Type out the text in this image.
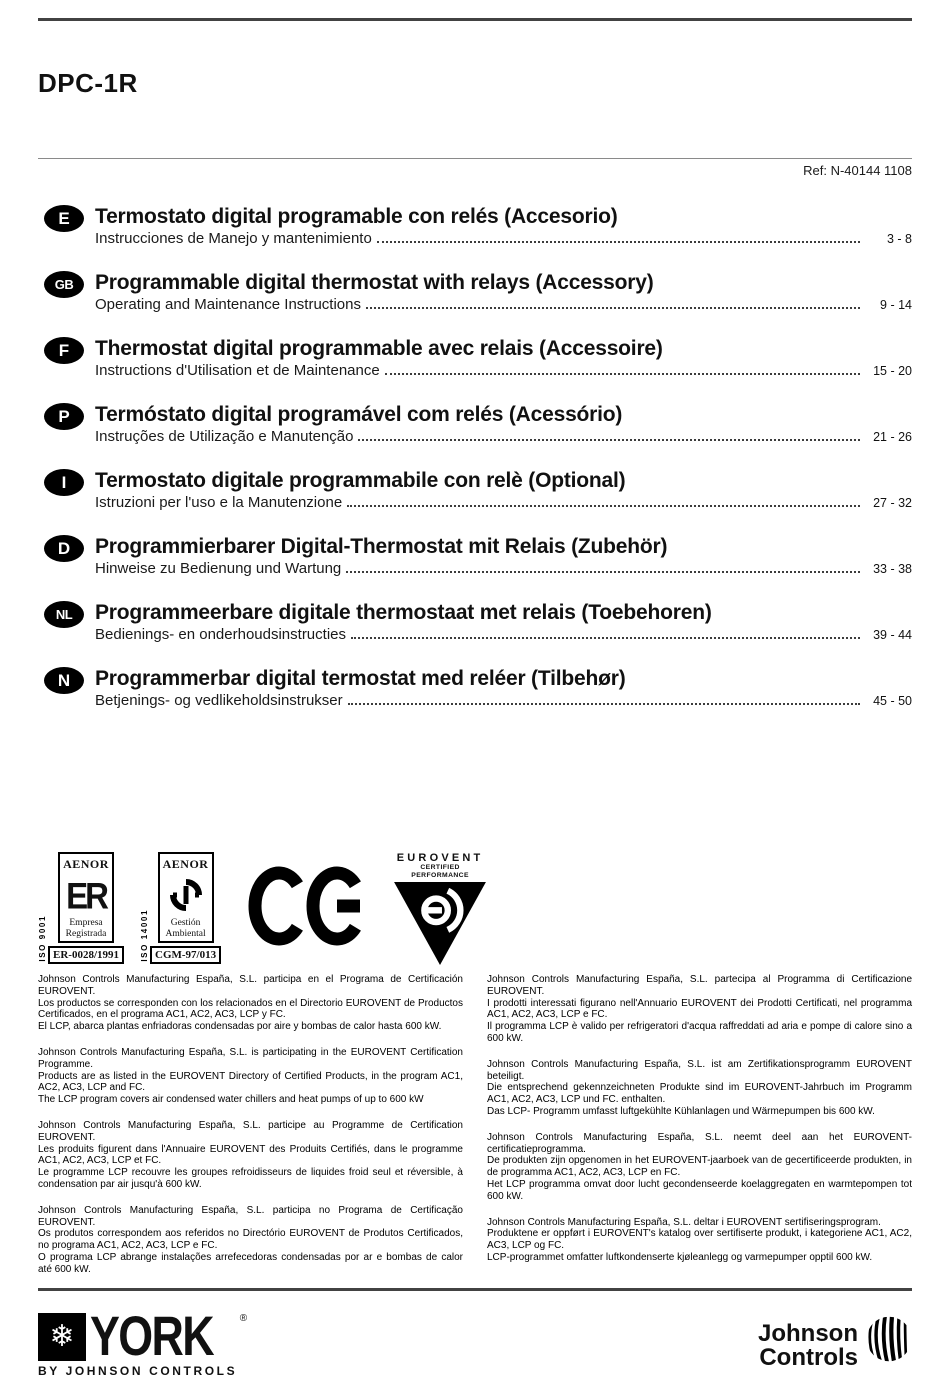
DPC-1R
Ref: N-40144 1108
E	Termostato digital programable con relés (Accesorio)
Instrucciones de Manejo y mantenimiento	3 - 8
GB	Programmable digital thermostat with relays (Accessory)
Operating and Maintenance Instructions	9 - 14
F	Thermostat digital programmable avec relais (Accessoire)
Instructions d'Utilisation et de Maintenance	15 - 20
P	Termóstato digital programável com relés (Acessório)
Instruções de Utilização e Manutenção	21 - 26
I	Termostato digitale programmabile con relè (Optional)
Istruzioni per l'uso e la Manutenzione	27 - 32
D	Programmierbarer Digital-Thermostat mit Relais (Zubehör)
Hinweise zu Bedienung und Wartung	33 - 38
NL	Programmeerbare digitale thermostaat met relais (Toebehoren)
Bedienings- en onderhoudsinstructies	39 - 44
N	Programmerbar digital termostat med reléer (Tilbehør)
Betjenings- og vedlikeholdsinstrukser	45 - 50
ISO 9001
AENOR
ER
Empresa
Registrada
ER-0028/1991	ISO 14001
AENOR
Gestión
Ambiental
CGM-97/013
EUROVENT
CERTIFIED PERFORMANCE
Johnson Controls Manufacturing España, S.L. participa en el Programa de Certificación EUROVENT.
Los productos se corresponden con los relacionados en el Directorio EUROVENT de Productos Certificados, en el programa AC1, AC2, AC3, LCP y FC.
El LCP, abarca plantas enfriadoras condensadas por aire y bombas de calor hasta 600 kW.
Johnson Controls Manufacturing España, S.L. is participating in the EUROVENT Certification Programme.
Products are as listed in the EUROVENT Directory of Certified Products, in the program AC1, AC2, AC3, LCP and FC.
The LCP program covers air condensed water chillers and heat pumps of up to 600 kW
Johnson Controls Manufacturing España, S.L. participe au Programme de Certification EUROVENT.
Les produits figurent dans l'Annuaire EUROVENT des Produits Certifiés, dans le programme AC1, AC2, AC3, LCP et FC.
Le programme LCP recouvre les groupes refroidisseurs de liquides froid seul et réversible, à condensation par air jusqu'à 600 kW.
Johnson Controls Manufacturing España, S.L. participa no Programa de Certificação EUROVENT.
Os produtos correspondem aos referidos no Directório EUROVENT de Produtos Certificados, no programa AC1, AC2, AC3, LCP e FC.
O programa LCP abrange instalações arrefecedoras condensadas por ar e bombas de calor até 600 kW.
Johnson Controls Manufacturing España, S.L. partecipa al Programma di Certificazione EUROVENT.
I prodotti interessati figurano nell'Annuario EUROVENT dei Prodotti Certificati, nel programma AC1, AC2, AC3, LCP e FC.
Il programma LCP è valido per refrigeratori d'acqua raffreddati ad aria e pompe di calore sino a 600 kW.
Johnson Controls Manufacturing España, S.L. ist am Zertifikationsprogramm EUROVENT beteiligt.
Die entsprechend gekennzeichneten Produkte sind im EUROVENT-Jahrbuch im Programm AC1, AC2, AC3, LCP und FC. enthalten.
Das LCP- Programm umfasst luftgekühlte Kühlanlagen und Wärmepumpen bis 600 kW.
Johnson Controls Manufacturing España, S.L. neemt deel aan het EUROVENT-certificatieprogramma.
De produkten zijn opgenomen in het EUROVENT-jaarboek van de gecertificeerde produkten, in de programma AC1, AC2, AC3, LCP en FC.
Het LCP programma omvat door lucht gecondenseerde koelaggregaten en warmtepompen tot 600 kW.
Johnson Controls Manufacturing España, S.L. deltar i EUROVENT sertifiseringsprogram.
Produktene er oppført i EUROVENT's katalog over sertifiserte produkt, i kategoriene AC1, AC2, AC3, LCP og FC.
LCP-programmet omfatter luftkondenserte kjøleanlegg og varmepumper opptil 600 kW.
❄ YORK	®
BY JOHNSON CONTROLS
Johnson
Controls
